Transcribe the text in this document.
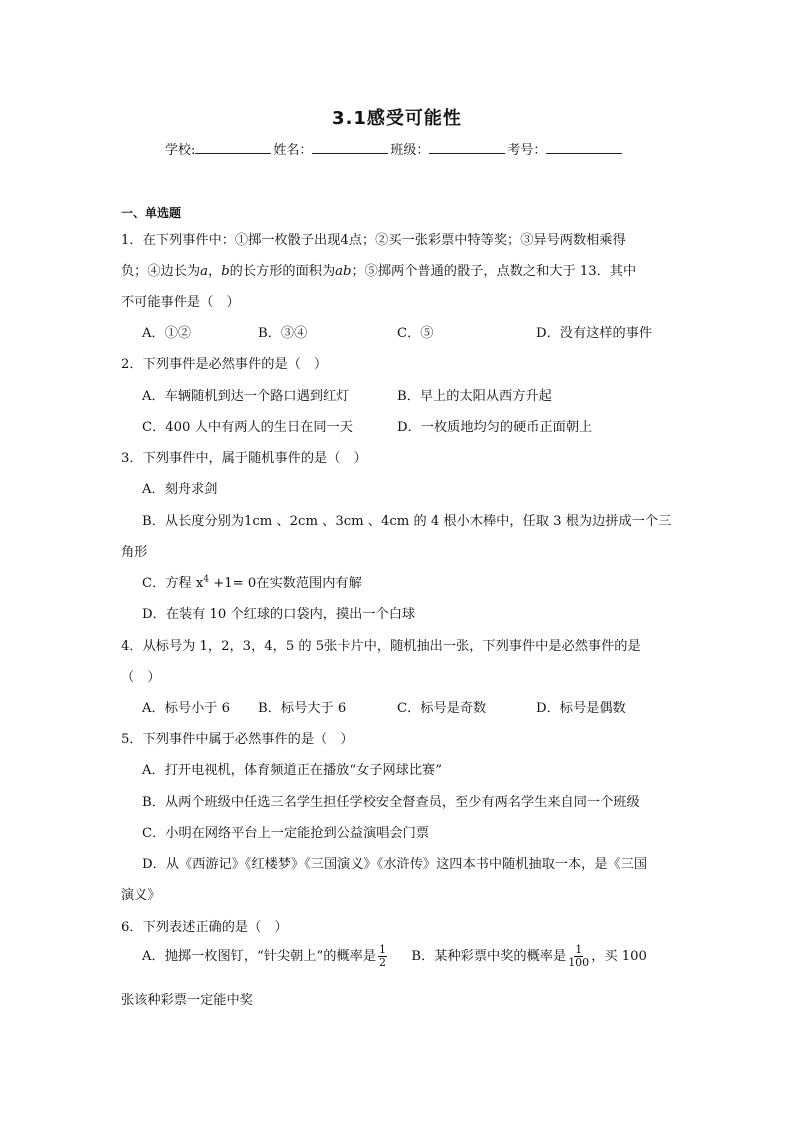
3.1感受可能性
学校:	姓名：	班级：	考号：
一、单选题
1．在下列事件中：①掷一枚骰子出现4点；②买一张彩票中特等奖；③异号两数相乘得
负；④边长为a，b的长方形的面积为ab；⑤掷两个普通的骰子，点数之和大于 13．其中
不可能事件是（　）
A．①②	B．③④	C．⑤	D．没有这样的事件
2．下列事件是必然事件的是（　）
A．车辆随机到达一个路口遇到红灯	B．早上的太阳从西方升起
C．400 人中有两人的生日在同一天	D．一枚质地均匀的硬币正面朝上
3．下列事件中，属于随机事件的是（　）
A．刻舟求剑
B．从长度分别为1cm 、2cm 、3cm 、4cm 的 4 根小木棒中，任取 3 根为边拼成一个三
角形
C．方程 $x^4 +1= 0$在实数范围内有解
D．在装有 10 个红球的口袋内，摸出一个白球
4．从标号为 1，2，3，4，5 的 5张卡片中，随机抽出一张，下列事件中是必然事件的是
（　）
A．标号小于 6 B．标号大于 6	C．标号是奇数	D．标号是偶数
5．下列事件中属于必然事件的是（　）
A．打开电视机，体育频道正在播放“女子网球比赛”
B．从两个班级中任选三名学生担任学校安全督查员，至少有两名学生来自同一个班级
C．小明在网络平台上一定能抢到公益演唱会门票
D．从《西游记》《红楼梦》《三国演义》《水浒传》这四本书中随机抽取一本，是《三国
演义》
6．下列表述正确的是（　）
A．抛掷一枚图钉，“针尖朝上”的概率是 $\frac{1}{2}$ B．某种彩票中奖的概率是 $\frac{1}{100}$ ，买 100
张该种彩票一定能中奖
